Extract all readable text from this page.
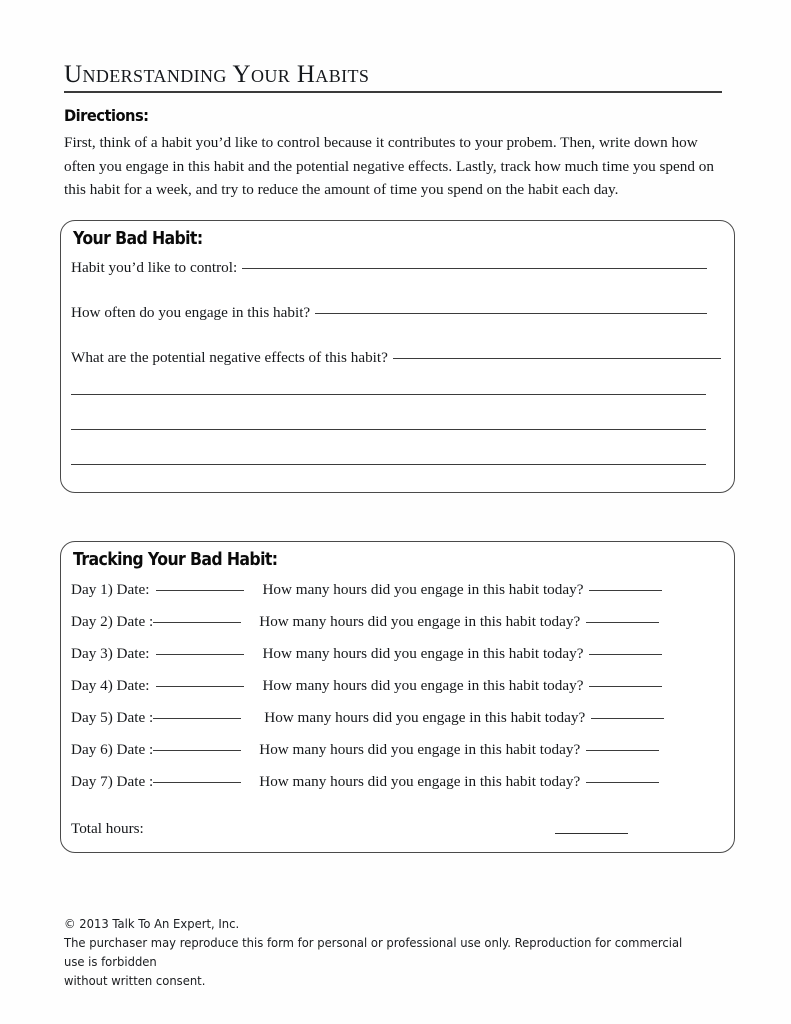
Understanding Your Habits
Directions:
First, think of a habit you’d like to control because it contributes to your probem. Then, write down how often you engage in this habit and the potential negative effects. Lastly, track how much time you spend on this habit for a week, and try to reduce the amount of time you spend on the habit each day.
Your Bad Habit:
Habit you’d like to control:
How often do you engage in this habit?
What are the potential negative effects of this habit?
Tracking Your Bad Habit:
Day 1) Date:	How many hours did you engage in this habit today?
Day 2) Date :	How many hours did you engage in this habit today?
Day 3) Date:	How many hours did you engage in this habit today?
Day 4) Date:	How many hours did you engage in this habit today?
Day 5) Date :	How many hours did you engage in this habit today?
Day 6) Date :	How many hours did you engage in this habit today?
Day 7) Date :	How many hours did you engage in this habit today?
Total hours:
© 2013 Talk To An Expert, Inc.
The purchaser may reproduce this form for personal or professional use only. Reproduction for commercial use is forbidden
without written consent.
